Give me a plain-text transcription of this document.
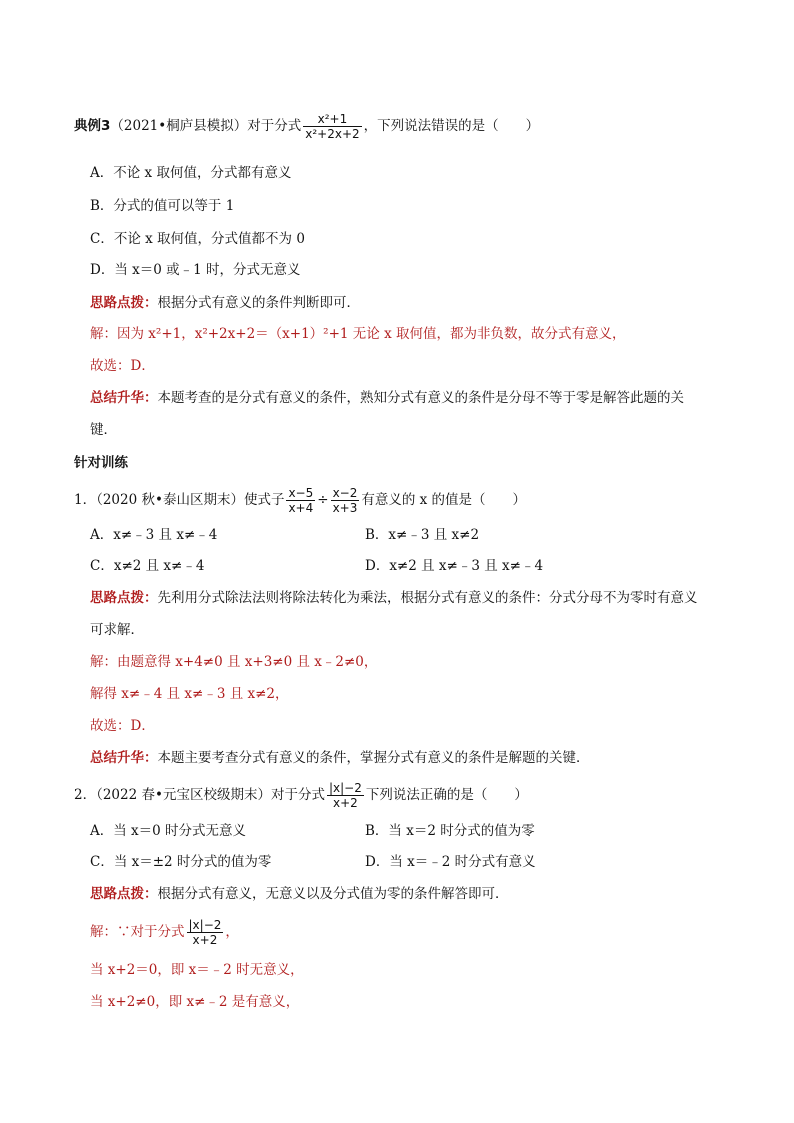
典例3（2021•桐庐县模拟）对于分式 $\frac{\text{x²+1}}{\text{x²+2x+2}}$ ，下列说法错误的是（　　）
A．不论 x 取何值，分式都有意义
B．分式的值可以等于 1
C．不论 x 取何值，分式值都不为 0
D．当 x＝0 或﹣1 时，分式无意义
思路点拨：根据分式有意义的条件判断即可．
解：因为 x²+1，x²+2x+2＝（x+1）²+1 无论 x 取何值，都为非负数，故分式有意义，
故选：D．
总结升华：本题考查的是分式有意义的条件，熟知分式有意义的条件是分母不等于零是解答此题的关
键．
针对训练
1．（2020 秋•泰山区期末）使式子 $\frac{x-5}{x+4} \div \frac{x-2}{x+3}$ 有意义的 x 的值是（　　）
A．x≠﹣3 且 x≠﹣4	B．x≠﹣3 且 x≠2
C．x≠2 且 x≠﹣4	D．x≠2 且 x≠﹣3 且 x≠﹣4
思路点拨：先利用分式除法法则将除法转化为乘法，根据分式有意义的条件：分式分母不为零时有意义
可求解．
解：由题意得 x+4≠0 且 x+3≠0 且 x﹣2≠0，
解得 x≠﹣4 且 x≠﹣3 且 x≠2，
故选：D．
总结升华：本题主要考查分式有意义的条件，掌握分式有意义的条件是解题的关键．
2．（2022 春•元宝区校级期末）对于分式 $\frac{|x|-2}{x+2}$ 下列说法正确的是（　　）
A．当 x＝0 时分式无意义	B．当 x＝2 时分式的值为零
C．当 x＝±2 时分式的值为零	D．当 x＝﹣2 时分式有意义
思路点拨：根据分式有意义，无意义以及分式值为零的条件解答即可．
解：∵对于分式 $\frac{|x|-2}{x+2}$ ，
当 x+2＝0，即 x＝﹣2 时无意义，
当 x+2≠0，即 x≠﹣2 是有意义，
